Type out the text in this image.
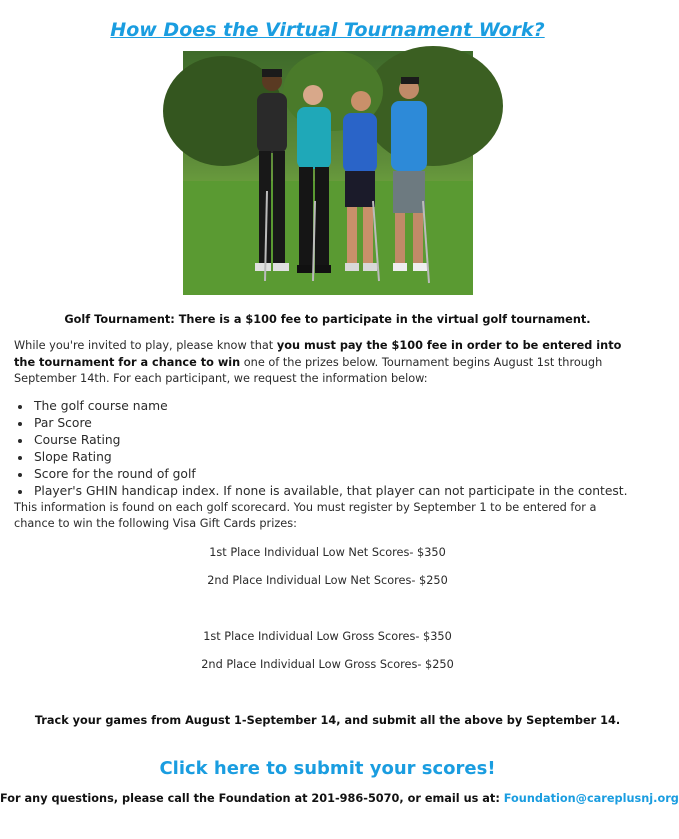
How Does the Virtual Tournament Work?

Golf Tournament: There is a $100 fee to participate in the virtual golf tournament.

While you're invited to play, please know that you must pay the $100 fee in order to be entered into the tournament for a chance to win one of the prizes below. Tournament begins August 1st through September 14th. For each participant, we request the information below:

• The golf course name
• Par Score
• Course Rating
• Slope Rating
• Score for the round of golf
• Player's GHIN handicap index. If none is available, that player can not participate in the contest.

This information is found on each golf scorecard. You must register by September 1 to be entered for a chance to win the following Visa Gift Cards prizes:

1st Place Individual Low Net Scores- $350

2nd Place Individual Low Net Scores- $250

1st Place Individual Low Gross Scores- $350

2nd Place Individual Low Gross Scores- $250

Track your games from August 1-September 14, and submit all the above by September 14.

Click here to submit your scores!

For any questions, please call the Foundation at 201-986-5070, or email us at: Foundation@careplusnj.org
